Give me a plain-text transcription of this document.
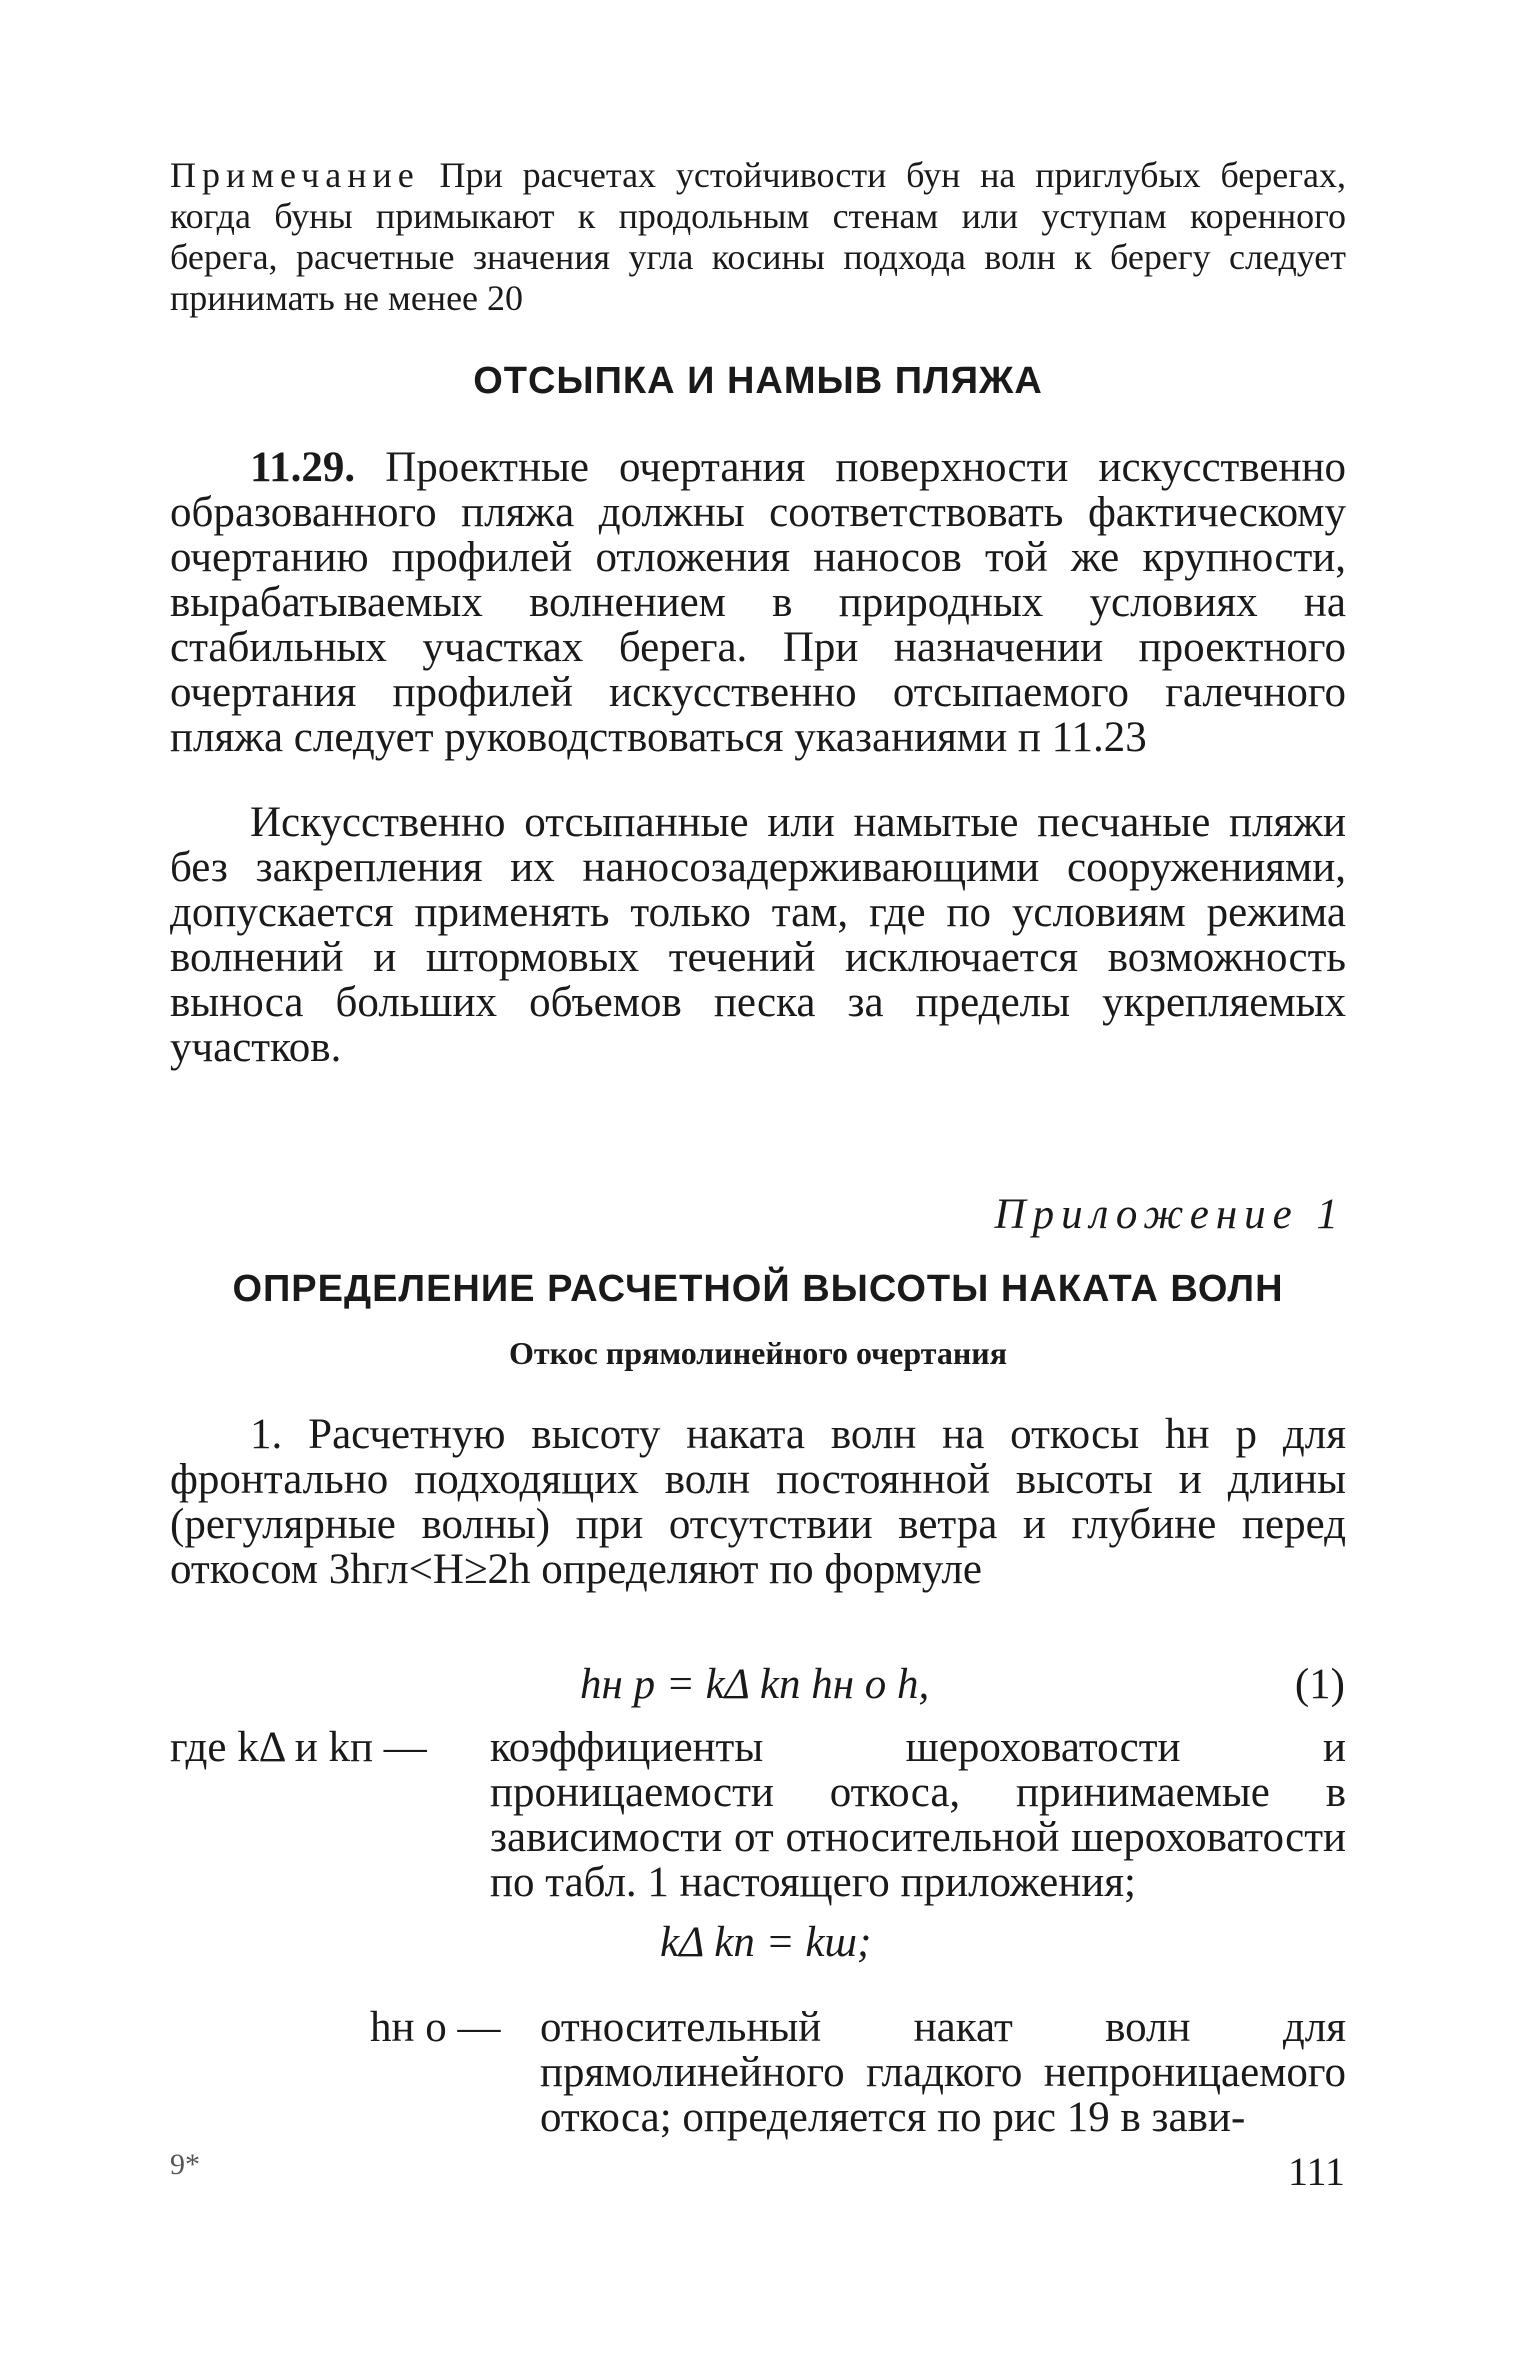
Примечание При расчетах устойчивости бун на приглубых берегах, когда буны примыкают к продольным стенам или уступам коренного берега, расчетные значения угла косины подхода волн к берегу следует принимать не менее 20
ОТСЫПКА И НАМЫВ ПЛЯЖА
11.29. Проектные очертания поверхности искусственно образованного пляжа должны соответствовать фактическому очертанию профилей отложения наносов той же крупности, вырабатываемых волнением в природных условиях на стабильных участках берега. При назначении проектного очертания профилей искусственно отсыпаемого галечного пляжа следует руководствоваться указаниями п 11.23
Искусственно отсыпанные или намытые песчаные пляжи без закрепления их наносозадерживающими сооружениями, допускается применять только там, где по условиям режима волнений и штормовых течений исключается возможность выноса больших объемов песка за пределы укрепляемых участков.
Приложение 1
ОПРЕДЕЛЕНИЕ РАСЧЕТНОЙ ВЫСОТЫ НАКАТА ВОЛН
Откос прямолинейного очертания
1. Расчетную высоту наката волн на откосы hн р для фронтально подходящих волн постоянной высоты и длины (регулярные волны) при отсутствии ветра и глубине перед откосом 3hгл<H≥2h определяют по формуле
hн р = kΔ kп hн о h,	(1)
где kΔ и kп —	коэффициенты шероховатости и проницаемости откоса, принимаемые в зависимости от относительной шероховатости по табл. 1 настоящего приложения;
kΔ kп = kш;
hн о — относительный накат волн для прямолинейного гладкого непроницаемого откоса; определяется по рис 19 в зави-
9*	111
